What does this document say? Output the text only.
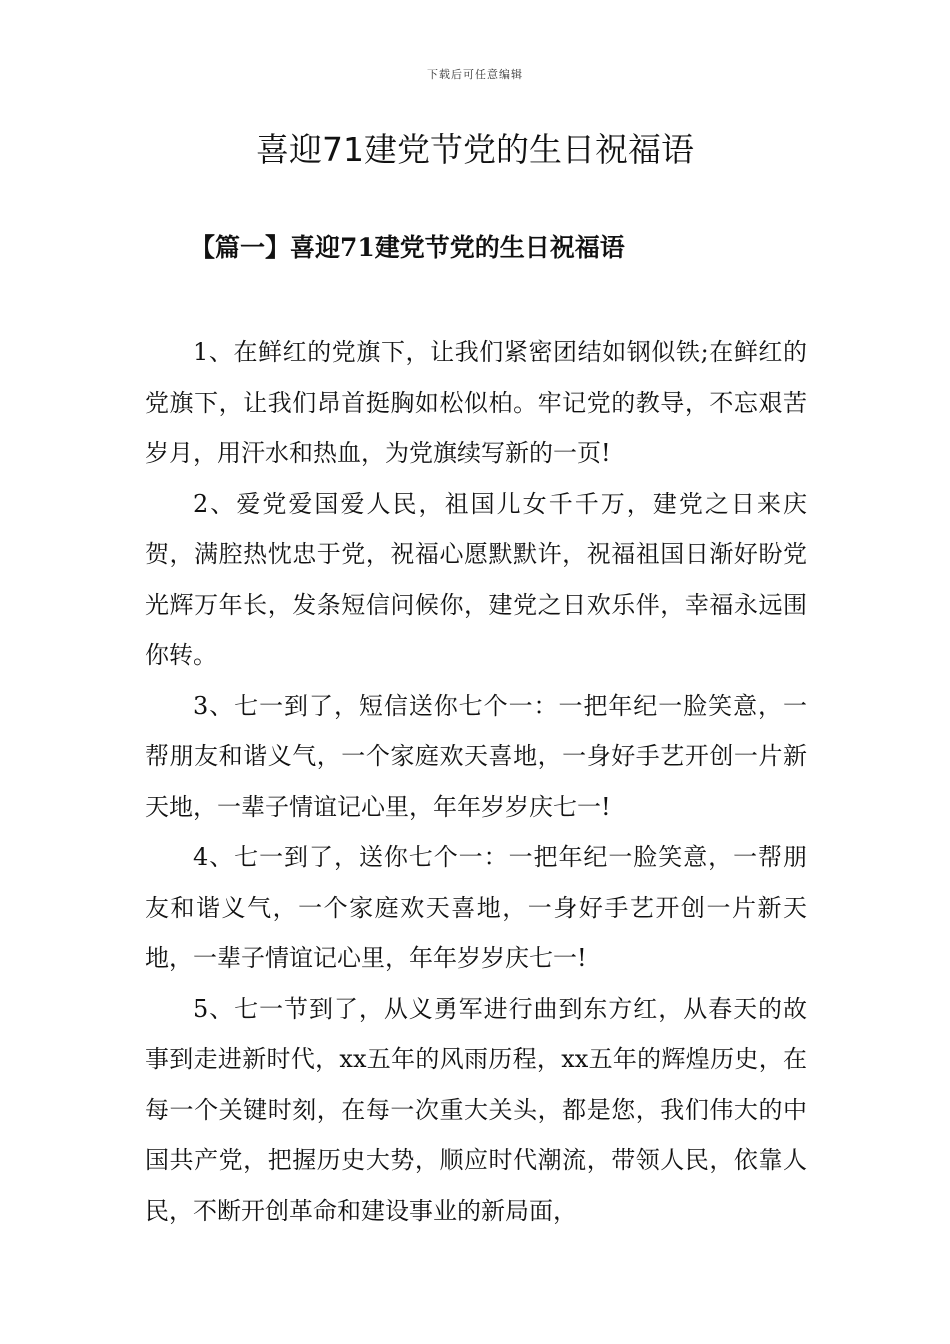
下载后可任意编辑
喜迎71建党节党的生日祝福语
【篇一】喜迎71建党节党的生日祝福语

1、在鲜红的党旗下，让我们紧密团结如钢似铁;在鲜红的党旗下，让我们昂首挺胸如松似柏。牢记党的教导，不忘艰苦岁月，用汗水和热血，为党旗续写新的一页!

2、爱党爱国爱人民，祖国儿女千千万，建党之日来庆贺，满腔热忱忠于党，祝福心愿默默许，祝福祖国日渐好盼党光辉万年长，发条短信问候你，建党之日欢乐伴，幸福永远围你转。

3、七一到了，短信送你七个一：一把年纪一脸笑意，一帮朋友和谐义气，一个家庭欢天喜地，一身好手艺开创一片新天地，一辈子情谊记心里，年年岁岁庆七一!

4、七一到了，送你七个一：一把年纪一脸笑意，一帮朋友和谐义气，一个家庭欢天喜地，一身好手艺开创一片新天地，一辈子情谊记心里，年年岁岁庆七一!

5、七一节到了，从义勇军进行曲到东方红，从春天的故事到走进新时代，xx五年的风雨历程，xx五年的辉煌历史，在每一个关键时刻，在每一次重大关头，都是您，我们伟大的中国共产党，把握历史大势，顺应时代潮流，带领人民，依靠人民，不断开创革命和建设事业的新局面，
